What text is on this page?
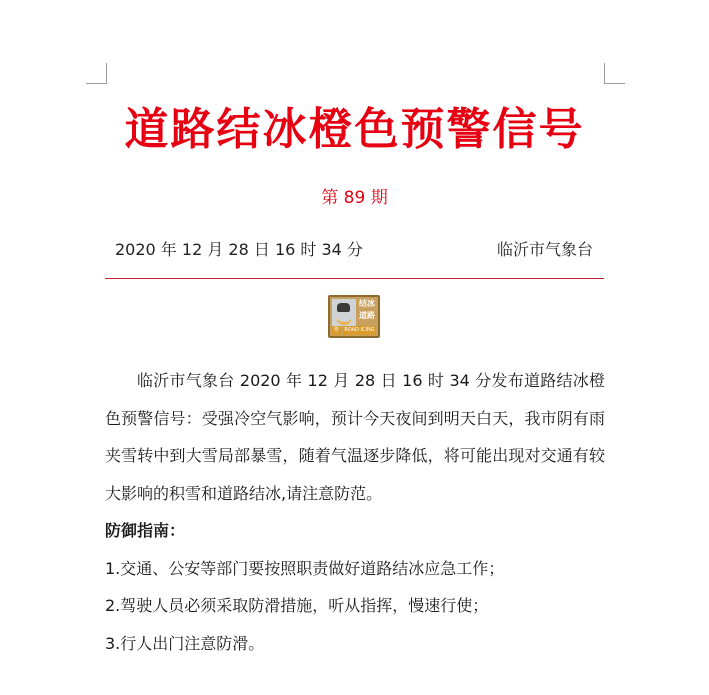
道路结冰橙色预警信号
第 89 期
2020 年 12 月 28 日 16 时 34 分	临沂市气象台
结冰道路
橙	ROAD ICING

临沂市气象台 2020 年 12 月 28 日 16 时 34 分发布道路结冰橙色预警信号：受强冷空气影响，预计今天夜间到明天白天，我市阴有雨夹雪转中到大雪局部暴雪，随着气温逐步降低，将可能出现对交通有较大影响的积雪和道路结冰,请注意防范。

防御指南：

1.交通、公安等部门要按照职责做好道路结冰应急工作；

2.驾驶人员必须采取防滑措施，听从指挥，慢速行使；

3.行人出门注意防滑。
